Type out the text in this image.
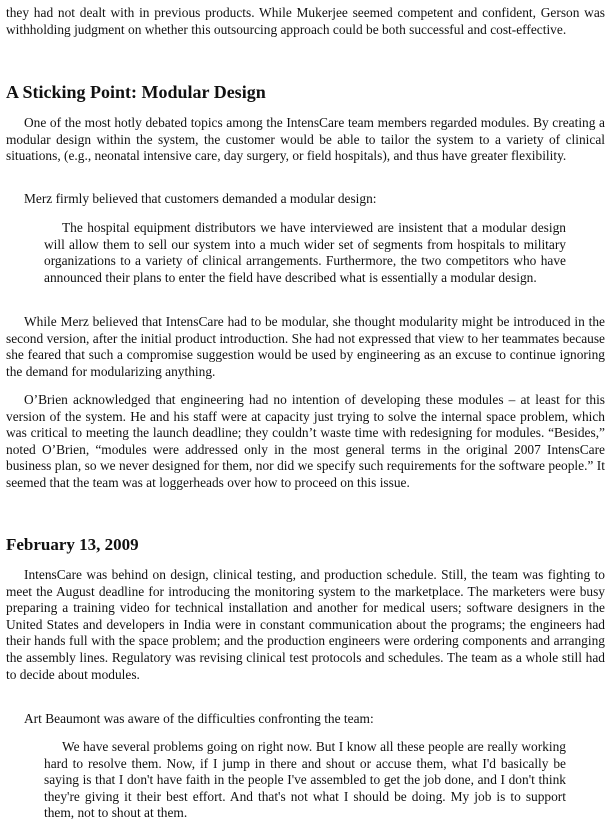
they had not dealt with in previous products. While Mukerjee seemed competent and confident, Gerson was withholding judgment on whether this outsourcing approach could be both successful and cost-effective.

A Sticking Point: Modular Design

One of the most hotly debated topics among the IntensCare team members regarded modules. By creating a modular design within the system, the customer would be able to tailor the system to a variety of clinical situations, (e.g., neonatal intensive care, day surgery, or field hospitals), and thus have greater flexibility.

Merz firmly believed that customers demanded a modular design:

The hospital equipment distributors we have interviewed are insistent that a modular design will allow them to sell our system into a much wider set of segments from hospitals to military organizations to a variety of clinical arrangements. Furthermore, the two competitors who have announced their plans to enter the field have described what is essentially a modular design.

While Merz believed that IntensCare had to be modular, she thought modularity might be introduced in the second version, after the initial product introduction. She had not expressed that view to her teammates because she feared that such a compromise suggestion would be used by engineering as an excuse to continue ignoring the demand for modularizing anything.

O’Brien acknowledged that engineering had no intention of developing these modules – at least for this version of the system. He and his staff were at capacity just trying to solve the internal space problem, which was critical to meeting the launch deadline; they couldn’t waste time with redesigning for modules. “Besides,” noted O’Brien, “modules were addressed only in the most general terms in the original 2007 IntensCare business plan, so we never designed for them, nor did we specify such requirements for the software people.” It seemed that the team was at loggerheads over how to proceed on this issue.

February 13, 2009

IntensCare was behind on design, clinical testing, and production schedule. Still, the team was fighting to meet the August deadline for introducing the monitoring system to the marketplace. The marketers were busy preparing a training video for technical installation and another for medical users; software designers in the United States and developers in India were in constant communication about the programs; the engineers had their hands full with the space problem; and the production engineers were ordering components and arranging the assembly lines. Regulatory was revising clinical test protocols and schedules. The team as a whole still had to decide about modules.

Art Beaumont was aware of the difficulties confronting the team:

We have several problems going on right now. But I know all these people are really working hard to resolve them. Now, if I jump in there and shout or accuse them, what I'd basically be saying is that I don't have faith in the people I've assembled to get the job done, and I don't think they're giving it their best effort. And that's not what I should be doing. My job is to support them, not to shout at them.
